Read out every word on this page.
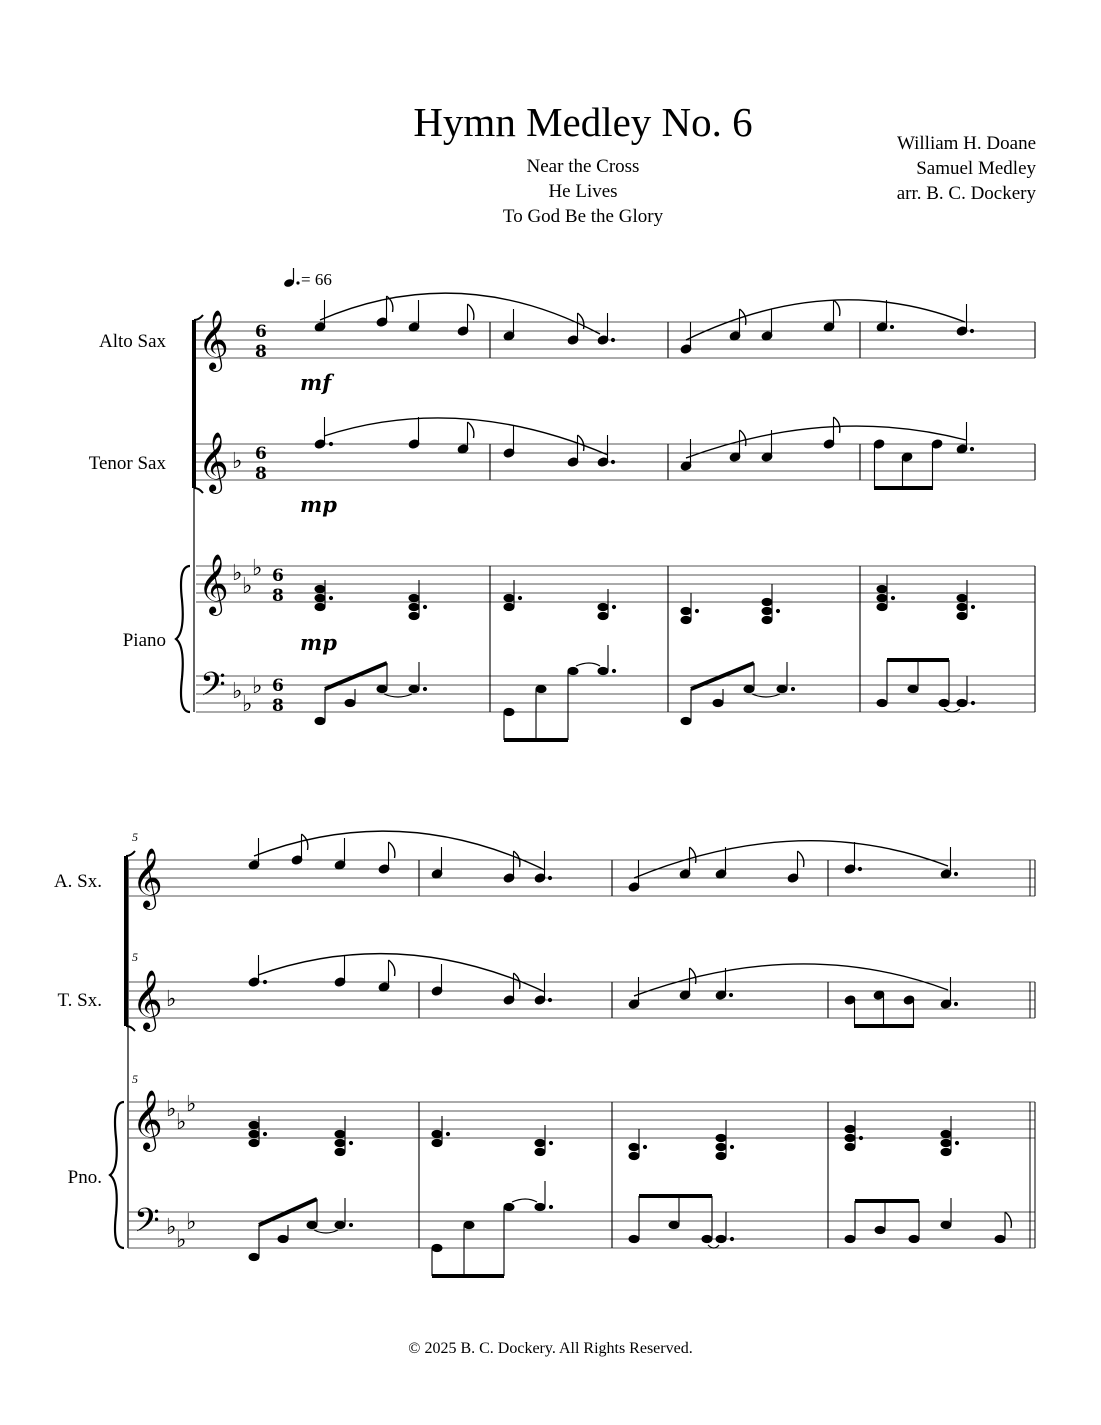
Hymn Medley No. 6
Near the Cross
He Lives
To God Be the Glory
William H. Doane
Samuel Medley
arr. B. C. Dockery
= 66
Alto Sax
Tenor Sax
Piano
A. Sx.
T. Sx.
Pno.
5
5
5
© 2025 B. C. Dockery. All Rights Reserved.
𝄞
𝄞
𝄞
𝄢
♭
♭
♭
♭
♭
♭
♭
6
8
6
8
6
8
6
8
mf
mp
mp
𝄞
𝄞
𝄞
𝄢
♭
♭
♭
♭
♭
♭
♭
